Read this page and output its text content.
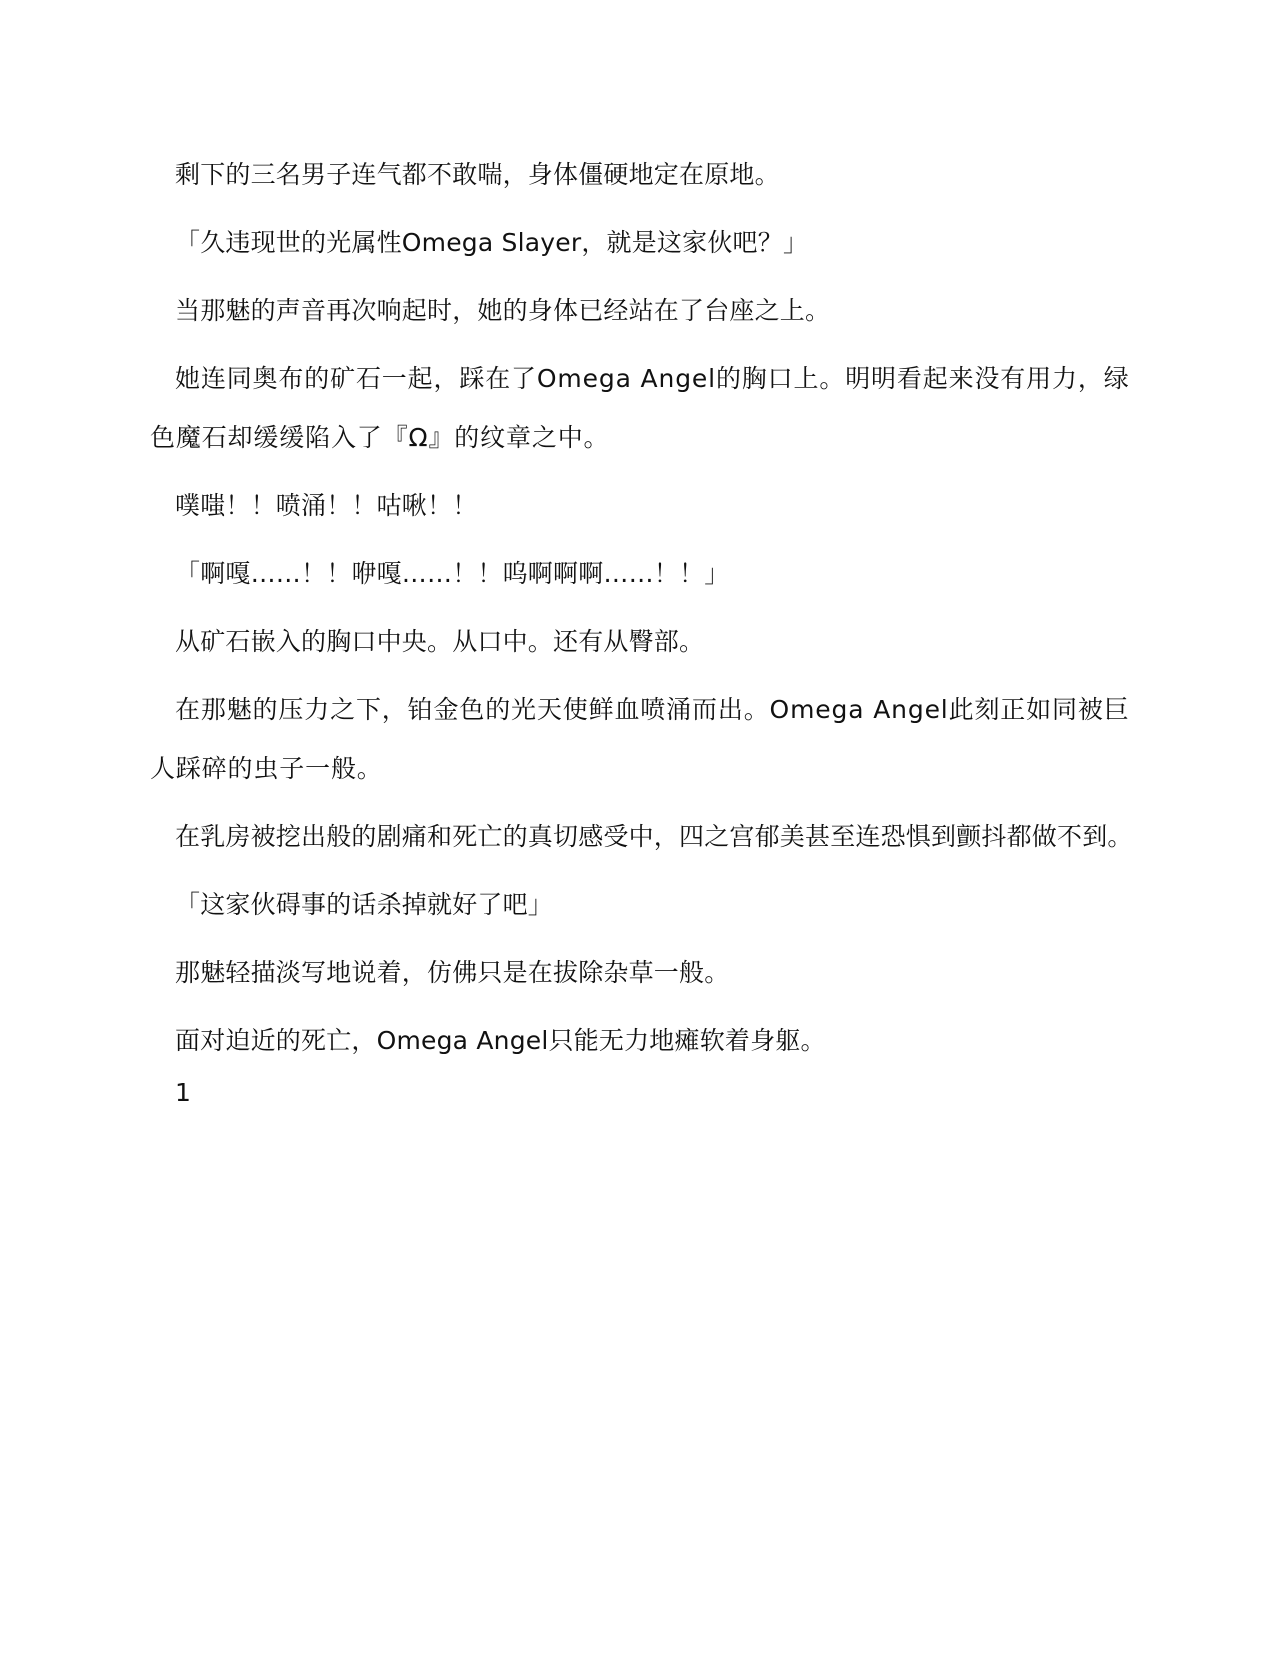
剩下的三名男子连气都不敢喘，身体僵硬地定在原地。

「久违现世的光属性Omega Slayer，就是这家伙吧？」

当那魅的声音再次响起时，她的身体已经站在了台座之上。

她连同奥布的矿石一起，踩在了Omega Angel的胸口上。明明看起来没有用力，绿色魔石却缓缓陷入了『Ω』的纹章之中。

噗嗤！！喷涌！！咕啾！！

「啊嘎……！！咿嘎……！！呜啊啊啊……！！」

从矿石嵌入的胸口中央。从口中。还有从臀部。

在那魅的压力之下，铂金色的光天使鲜血喷涌而出。Omega Angel此刻正如同被巨人踩碎的虫子一般。

在乳房被挖出般的剧痛和死亡的真切感受中，四之宫郁美甚至连恐惧到颤抖都做不到。

「这家伙碍事的话杀掉就好了吧」

那魅轻描淡写地说着，仿佛只是在拔除杂草一般。

面对迫近的死亡，Omega Angel只能无力地瘫软着身躯。

1
